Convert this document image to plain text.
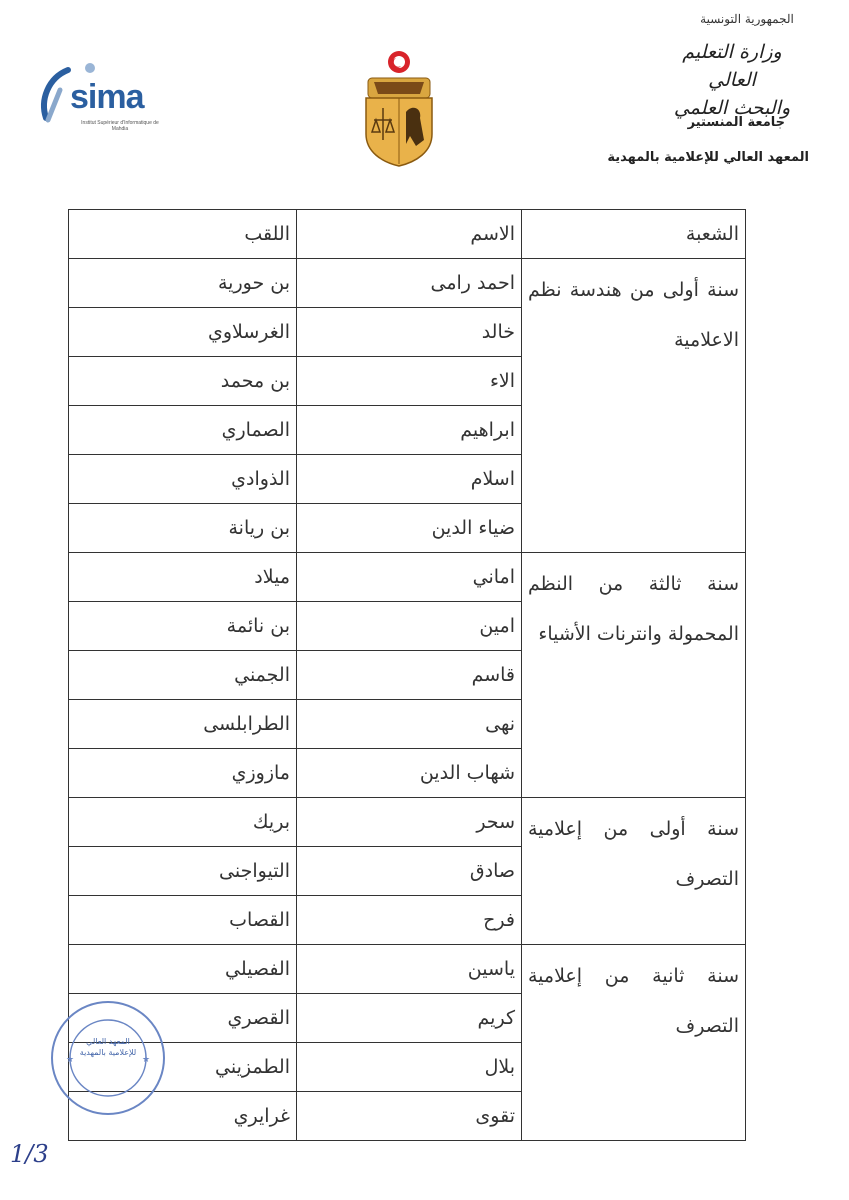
الجمهورية التونسية
وزارة التعليم العالي
والبحث العلمي
جامعة المنستير
المعهد العالي للإعلامية بالمهدية
sima
Institut Supérieur d'Informatique de Mahdia
الشعبة	الاسم	اللقب
سنة أولى من هندسة نظم الاعلامية	احمد رامى	بن حورية
	خالد	الغرسلاوي
	الاء	بن محمد
	ابراهيم	الصماري
	اسلام	الذوادي
	ضياء الدين	بن ريانة
سنة ثالثة من النظم المحمولة وانترنات الأشياء	اماني	ميلاد
	امين	بن نائمة
	قاسم	الجمني
	نهى	الطرابلسى
	شهاب الدين	مازوزي
سنة أولى من إعلامية التصرف	سحر	بريك
	صادق	التيواجنى
	فرح	القصاب
سنة ثانية من إعلامية التصرف	ياسين	الفصيلي
	كريم	القصري
	بلال	الطمزيني
	تقوى	غرايري
★	★
المعهد العالي للإعلامية بالمهدية
1/3
